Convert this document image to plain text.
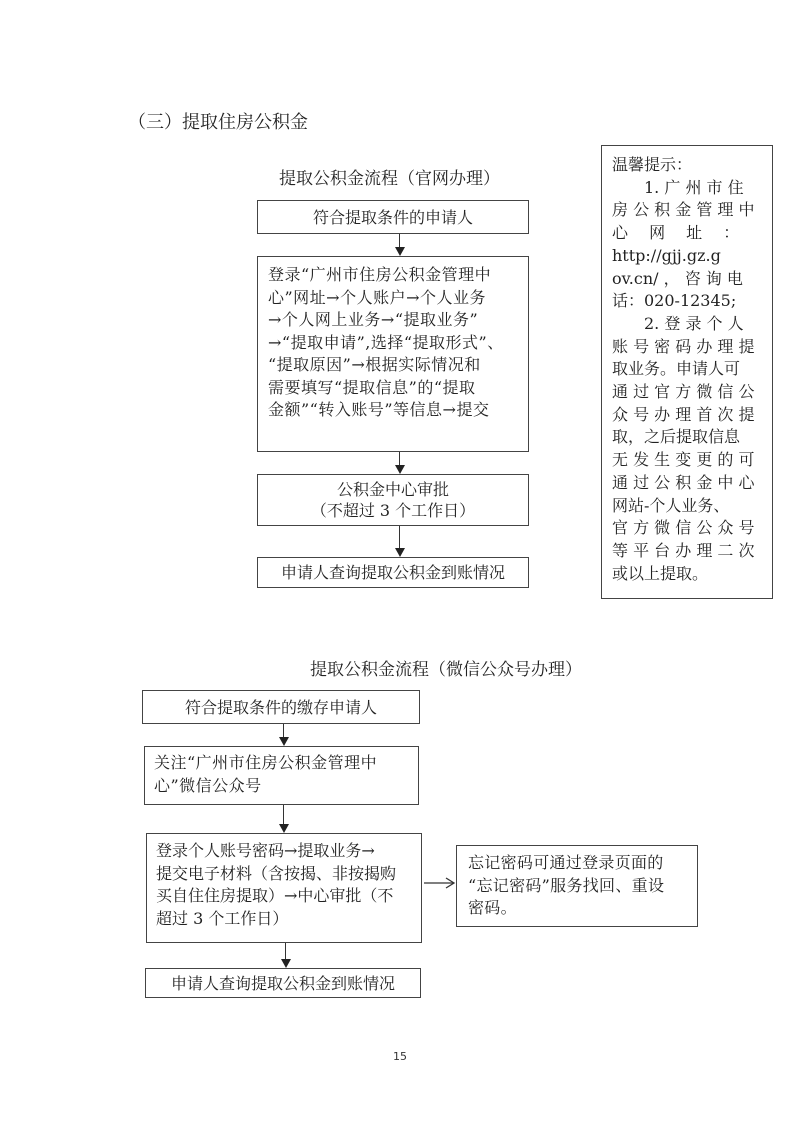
（三）提取住房公积金
提取公积金流程（官网办理）
符合提取条件的申请人
登录“广州市住房公积金管理中
心”网址→个人账户→个人业务
→个人网上业务→“提取业务”
→“提取申请”,选择“提取形式”、
“提取原因”→根据实际情况和
需要填写“提取信息”的“提取
金额”“转入账号”等信息→提交
公积金中心审批
（不超过 3 个工作日）
申请人查询提取公积金到账情况
温馨提示：
　　1. 广 州 市 住
房 公 积 金 管 理 中
心　 网　 址　 ：
http://gjj.gz.g
ov.cn/ ， 咨 询 电
话：020-12345;
　　2. 登 录 个 人
账 号 密 码 办 理 提
取业务。申请人可
通 过 官 方 微 信 公
众 号 办 理 首 次 提
取，之后提取信息
无 发 生 变 更 的 可
通 过 公 积 金 中 心
网站-个人业务、
官 方 微 信 公 众 号
等 平 台 办 理 二 次
或以上提取。
提取公积金流程（微信公众号办理）
符合提取条件的缴存申请人
关注“广州市住房公积金管理中
心”微信公众号
登录个人账号密码→提取业务→
提交电子材料（含按揭、非按揭购
买自住住房提取）→中心审批（不
超过 3 个工作日）
忘记密码可通过登录页面的
“忘记密码”服务找回、重设
密码。
申请人查询提取公积金到账情况
15
